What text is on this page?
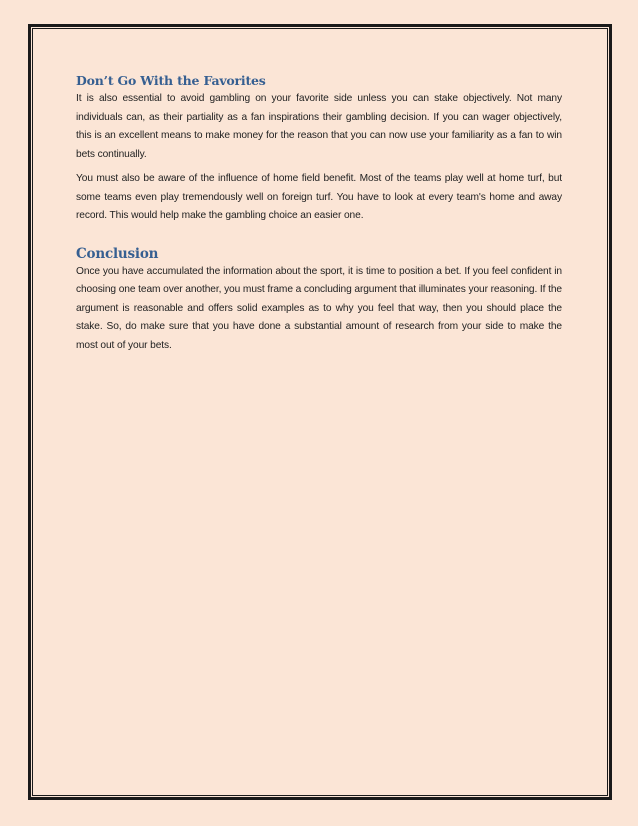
Don’t Go With the Favorites

It is also essential to avoid gambling on your favorite side unless you can stake objectively. Not many individuals can, as their partiality as a fan inspirations their gambling decision. If you can wager objectively, this is an excellent means to make money for the reason that you can now use your familiarity as a fan to win bets continually.

You must also be aware of the influence of home field benefit. Most of the teams play well at home turf, but some teams even play tremendously well on foreign turf. You have to look at every team's home and away record. This would help make the gambling choice an easier one.

Conclusion

Once you have accumulated the information about the sport, it is time to position a bet. If you feel confident in choosing one team over another, you must frame a concluding argument that illuminates your reasoning. If the argument is reasonable and offers solid examples as to why you feel that way, then you should place the stake. So, do make sure that you have done a substantial amount of research from your side to make the most out of your bets.
